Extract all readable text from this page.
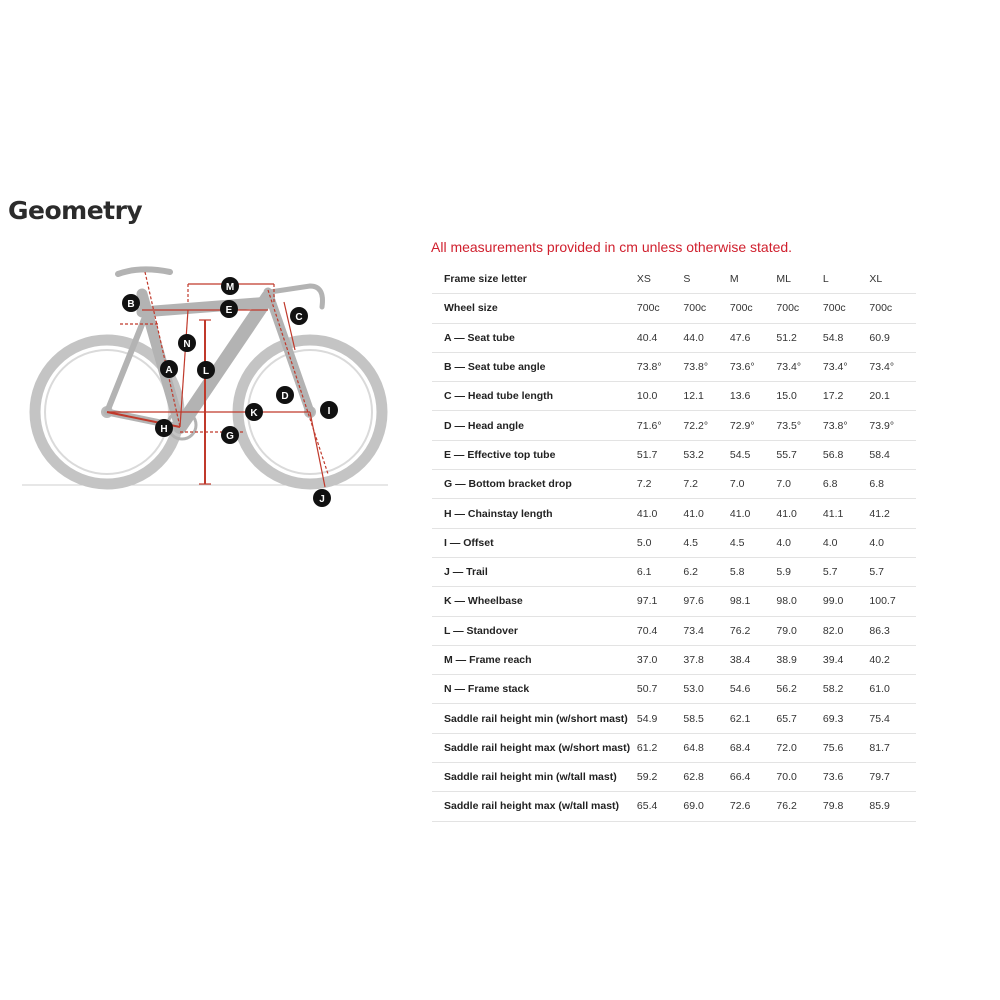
Geometry

All measurements provided in cm unless otherwise stated.

M
B
E
C
N
A	L
D
K	I
H
G
J
Frame size letter	XS	S	M	ML	L	XL
Wheel size	700c	700c	700c	700c	700c	700c
A — Seat tube	40.4	44.0	47.6	51.2	54.8	60.9
B — Seat tube angle	73.8°	73.8°	73.6°	73.4°	73.4°	73.4°
C — Head tube length	10.0	12.1	13.6	15.0	17.2	20.1
D — Head angle	71.6°	72.2°	72.9°	73.5°	73.8°	73.9°
E — Effective top tube	51.7	53.2	54.5	55.7	56.8	58.4
G — Bottom bracket drop	7.2	7.2	7.0	7.0	6.8	6.8
H — Chainstay length	41.0	41.0	41.0	41.0	41.1	41.2
I — Offset	5.0	4.5	4.5	4.0	4.0	4.0
J — Trail	6.1	6.2	5.8	5.9	5.7	5.7
K — Wheelbase	97.1	97.6	98.1	98.0	99.0	100.7
L — Standover	70.4	73.4	76.2	79.0	82.0	86.3
M — Frame reach	37.0	37.8	38.4	38.9	39.4	40.2
N — Frame stack	50.7	53.0	54.6	56.2	58.2	61.0
Saddle rail height min (w/short mast)	54.9	58.5	62.1	65.7	69.3	75.4
Saddle rail height max (w/short mast)	61.2	64.8	68.4	72.0	75.6	81.7
Saddle rail height min (w/tall mast)	59.2	62.8	66.4	70.0	73.6	79.7
Saddle rail height max (w/tall mast)	65.4	69.0	72.6	76.2	79.8	85.9
